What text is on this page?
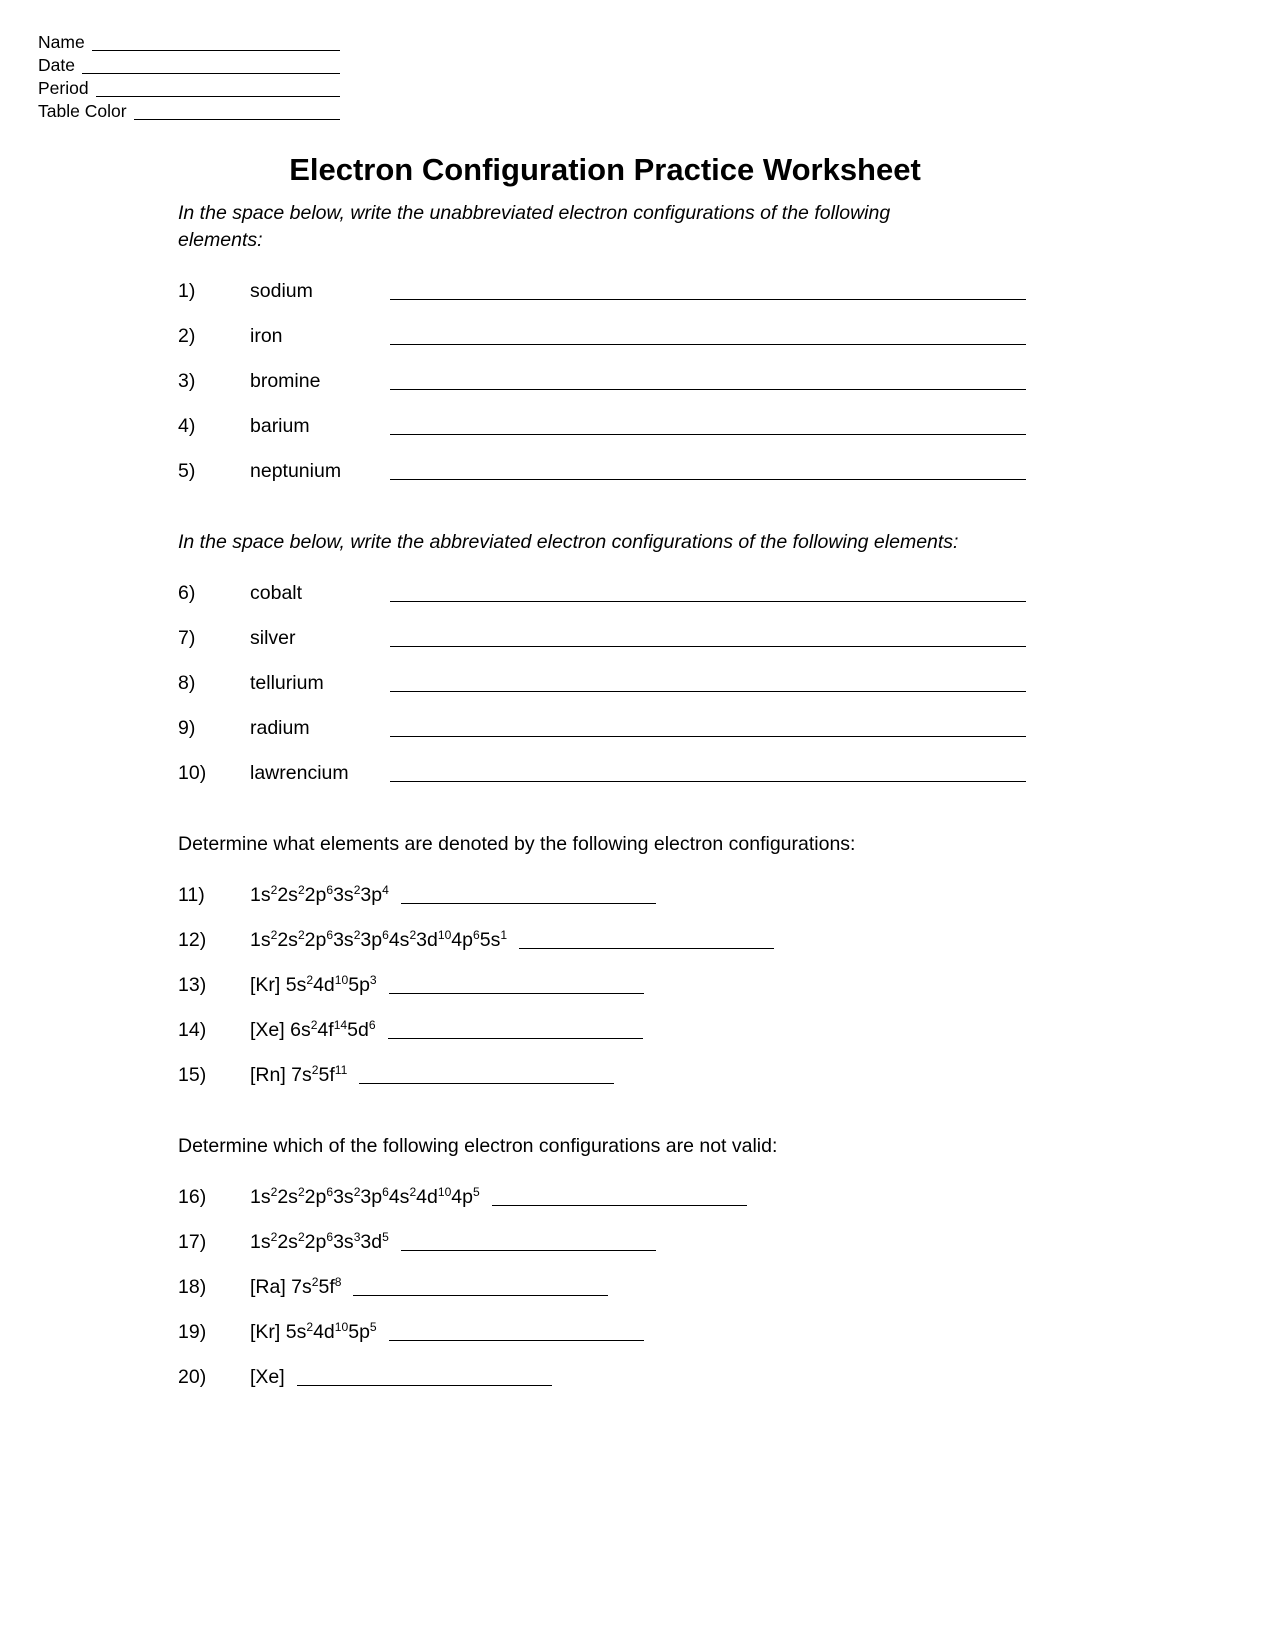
Name
Date
Period
Table Color
Electron Configuration Practice Worksheet

In the space below, write the unabbreviated electron configurations of the following elements:

1)	sodium
2)	iron
3)	bromine
4)	barium
5)	neptunium

In the space below, write the abbreviated electron configurations of the following elements:

6)	cobalt
7)	silver
8)	tellurium
9)	radium
10)	lawrencium

Determine what elements are denoted by the following electron configurations:

11)	$1s^22s^22p^63s^23p^4$
12)	$1s^22s^22p^63s^23p^64s^23d^{10}4p^65s^1$
13)	[Kr] $5s^24d^{10}5p^3$
14)	[Xe] $6s^24f^{14}5d^6$
15)	[Rn] $7s^25f^{11}$

Determine which of the following electron configurations are not valid:

16)	$1s^22s^22p^63s^23p^64s^24d^{10}4p^5$
17)	$1s^22s^22p^63s^33d^5$
18)	[Ra] $7s^25f^8$
19)	[Kr] $5s^24d^{10}5p^5$
20)	[Xe]
